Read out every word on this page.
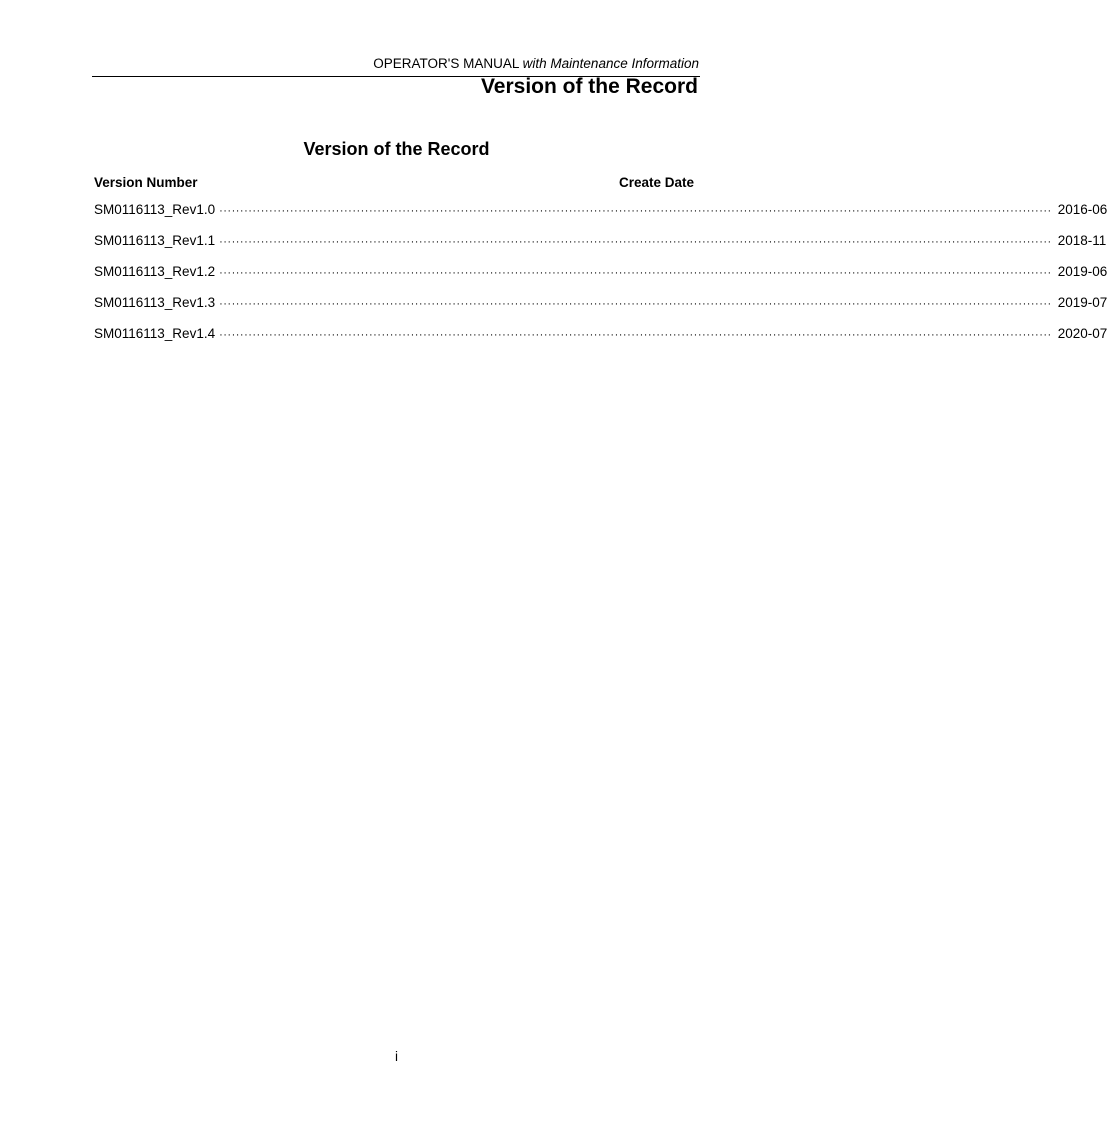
OPERATOR'S MANUAL with Maintenance Information
Version of the Record
Version of the Record
Version Number	Create Date
SM0116113_Rev1.0 ········································································································································································································ 2016-06
SM0116113_Rev1.1 ········································································································································································································ 2018-11
SM0116113_Rev1.2 ········································································································································································································ 2019-06
SM0116113_Rev1.3 ········································································································································································································ 2019-07
SM0116113_Rev1.4 ········································································································································································································ 2020-07
i
